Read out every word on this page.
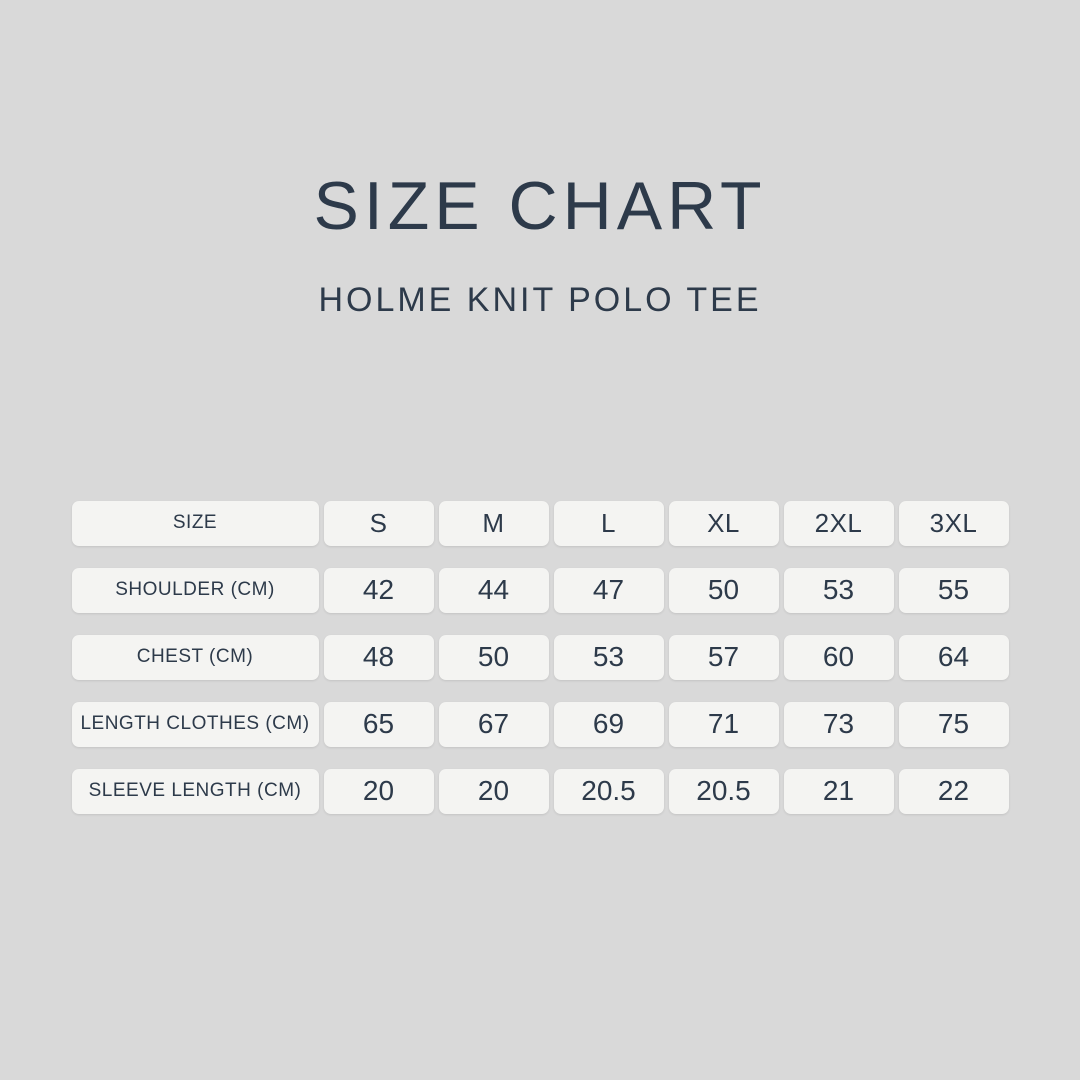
SIZE CHART
HOLME KNIT POLO TEE
SIZE	S	M	L	XL	2XL	3XL
SHOULDER (CM)	42	44	47	50	53	55
CHEST (CM)	48	50	53	57	60	64
LENGTH CLOTHES (CM)	65	67	69	71	73	75
SLEEVE LENGTH (CM)	20	20	20.5	20.5	21	22
